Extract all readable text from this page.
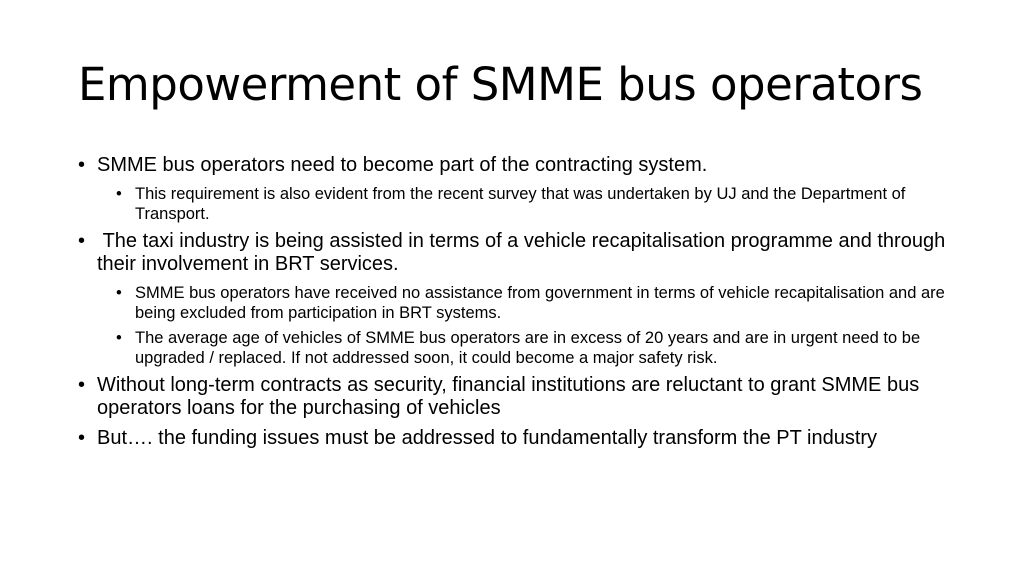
Empowerment of SMME bus operators
• SMME bus operators need to become part of the contracting system.
• This requirement is also evident from the recent survey that was undertaken by UJ and the Department of Transport.
• The taxi industry is being assisted in terms of a vehicle recapitalisation programme and through their involvement in BRT services.
• SMME bus operators have received no assistance from government in terms of vehicle recapitalisation and are being excluded from participation in BRT systems.
• The average age of vehicles of SMME bus operators are in excess of 20 years and are in urgent need to be upgraded / replaced. If not addressed soon, it could become a major safety risk.
• Without long-term contracts as security, financial institutions are reluctant to grant SMME bus operators loans for the purchasing of vehicles
• But…. the funding issues must be addressed to fundamentally transform the PT industry
